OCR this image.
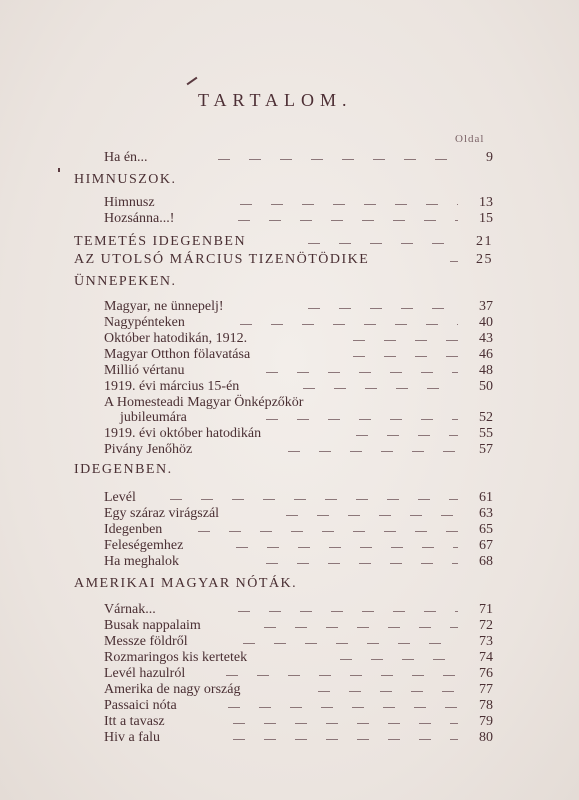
TARTALOM.
Oldal
Ha én...	9
HIMNUSZOK.
Himnusz	13
Hozsánna...!	15
TEMETÉS IDEGENBEN	21
AZ UTOLSÓ MÁRCIUS TIZENÖTÖDIKE	25
ÜNNEPEKEN.
Magyar, ne ünnepelj!	37
Nagypénteken	40
Október hatodikán, 1912.	43
Magyar Otthon fölavatása	46
Millió vértanu	48
1919. évi március 15-én	50
A Homesteadi Magyar Önképzőkör
jubileumára	52
1919. évi október hatodikán	55
Pivány Jenőhöz	57
IDEGENBEN.
Levél	61
Egy száraz virágszál	63
Idegenben	65
Feleségemhez	67
Ha meghalok	68
AMERIKAI MAGYAR NÓTÁK.
Várnak...	71
Busak nappalaim	72
Messze földről	73
Rozmaringos kis kertetek	74
Levél hazulról	76
Amerika de nagy ország	77
Passaici nóta	78
Itt a tavasz	79
Hiv a falu	80
